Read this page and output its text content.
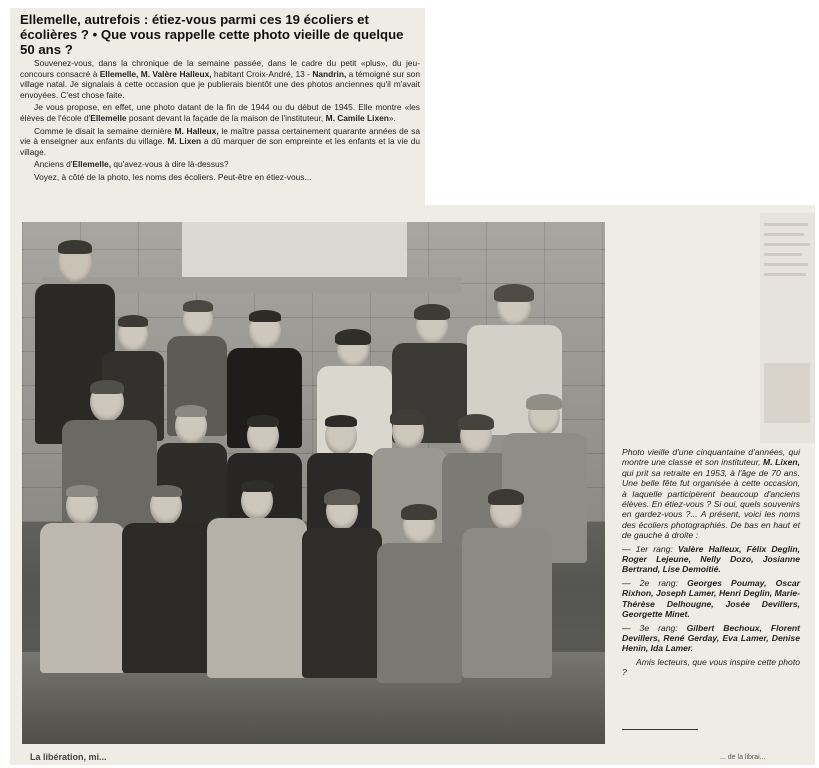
Ellemelle, autrefois : étiez-vous parmi ces 19 écoliers et écolières ? • Que vous rappelle cette photo vieille de quelque 50 ans ?

Souvenez-vous, dans la chronique de la semaine passée, dans le cadre du petit «plus», du jeu-concours consacré à Ellemelle, M. Valère Halleux, habitant Croix-André, 13 - Nandrin, a témoigné sur son village natal. Je signalais à cette occasion que je publierais bientôt une des photos anciennes qu'il m'avait envoyées. C'est chose faite.

Je vous propose, en effet, une photo datant de la fin de 1944 ou du début de 1945. Elle montre «les élèves de l'école d'Ellemelle posant devant la façade de la maison de l'instituteur, M. Camile Lixen».

Comme le disait la semaine dernière M. Halleux, le maître passa certainement quarante années de sa vie à enseigner aux enfants du village. M. Lixen a dû marquer de son empreinte et les enfants et la vie du village.

Anciens d'Ellemelle, qu'avez-vous à dire là-dessus?

Voyez, à côté de la photo, les noms des écoliers. Peut-être en étiez-vous...

Photo vieille d'une cinquantaine d'années, qui montre une classe et son instituteur, M. Lixen, qui prit sa retraite en 1953, à l'âge de 70 ans. Une belle fête fut organisée à cette occasion, à laquelle participèrent beaucoup d'anciens élèves. En étiez-vous ? Si oui, quels souvenirs en gardez-vous ?... A présent, voici les noms des écoliers photographiés. De bas en haut et de gauche à droite :

— 1er rang: Valère Halleux, Félix Deglin, Roger Lejeune, Nelly Dozo, Josianne Bertrand, Lise Demoitié.

— 2e rang: Georges Poumay, Oscar Rixhon, Joseph Lamer, Henri Deglin, Marie-Thérèse Delhougne, Josée Devillers, Georgette Minet.

— 3e rang: Gilbert Bechoux, Florent Devillers, René Gerday, Eva Lamer, Denise Henin, Ida Lamer.

Amis lecteurs, que vous inspire cette photo ?

La libération, mi...	... de la librai...
